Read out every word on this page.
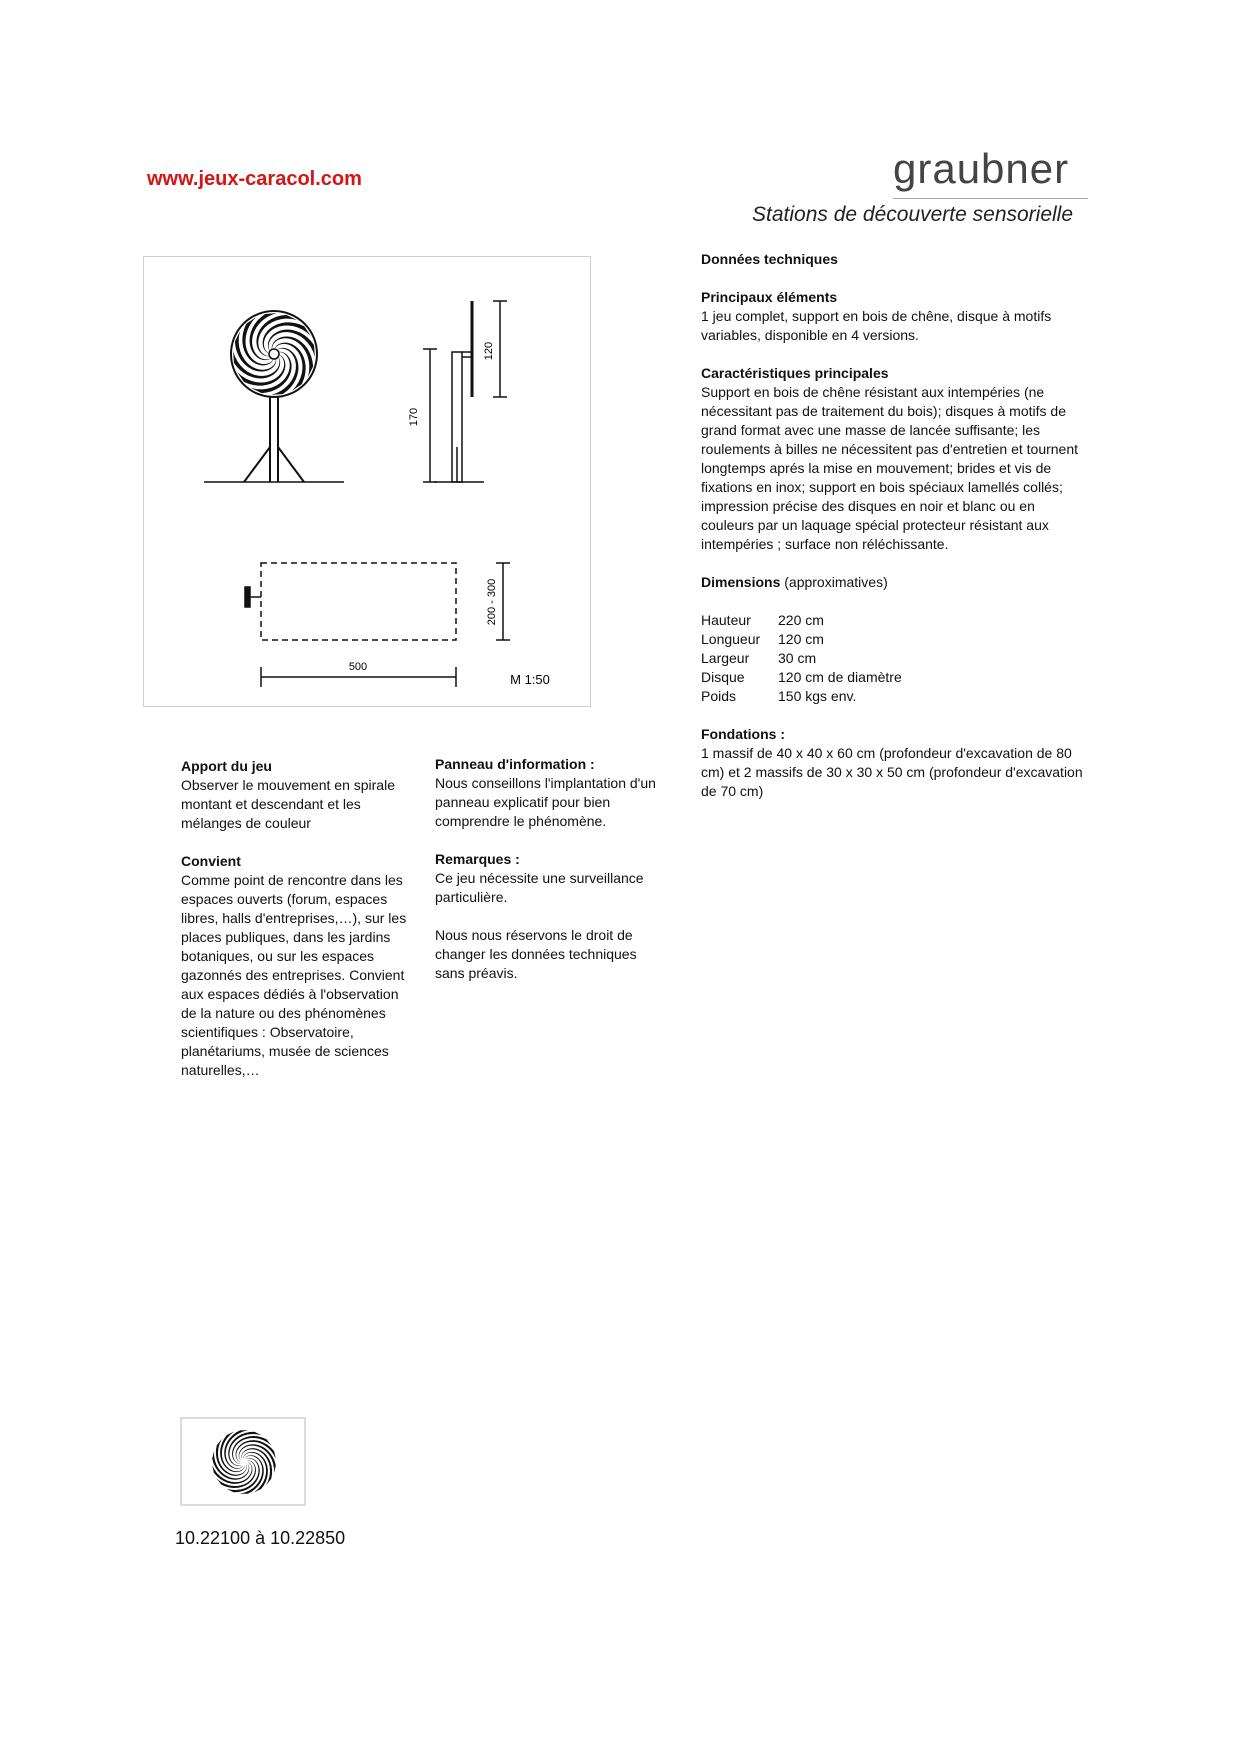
www.jeux-caracol.com	graubner
Stations de découverte sensorielle
170
120
500
200 - 300
M 1:50
Données techniques
Principaux éléments

1 jeu complet, support en bois de chêne, disque à motifs variables, disponible en 4 versions.

Caractéristiques principales

Support en bois de chêne résistant aux intempéries (ne nécessitant pas de traitement du bois); disques à motifs de grand format avec une masse de lancée suffisante; les roulements à billes ne nécessitent pas d'entretien et tournent longtemps aprés la mise en mouvement; brides et vis de fixations en inox; support en bois spéciaux lamellés collés; impression précise des disques en noir et blanc ou en couleurs par un laquage spécial protecteur résistant aux intempéries ; surface non réléchissante.

Dimensions (approximatives)

Hauteur	220 cm
Longueur	120 cm
Largeur	30 cm
Disque	120 cm de diamètre
Poids	150 kgs env.
Fondations :

1 massif de 40 x 40 x 60 cm (profondeur d'excavation de 80 cm) et 2 massifs de 30 x 30 x 50 cm (profondeur d'excavation de 70 cm)

Apport du jeu

Observer le mouvement en spirale montant et descendant et les mélanges de couleur

Convient

Comme point de rencontre dans les espaces ouverts (forum, espaces libres, halls d'entreprises,…), sur les places publiques, dans les jardins botaniques, ou sur les espaces gazonnés des entreprises. Convient aux espaces dédiés à l'observation de la nature ou des phénomènes scientifiques : Observatoire, planétariums, musée de sciences naturelles,…

Panneau d'information :

Nous conseillons l'implantation d'un panneau explicatif pour bien comprendre le phénomène.

Remarques :

Ce jeu nécessite une surveillance particulière.

Nous nous réservons le droit de changer les données techniques sans préavis.

10.22100 à 10.22850
